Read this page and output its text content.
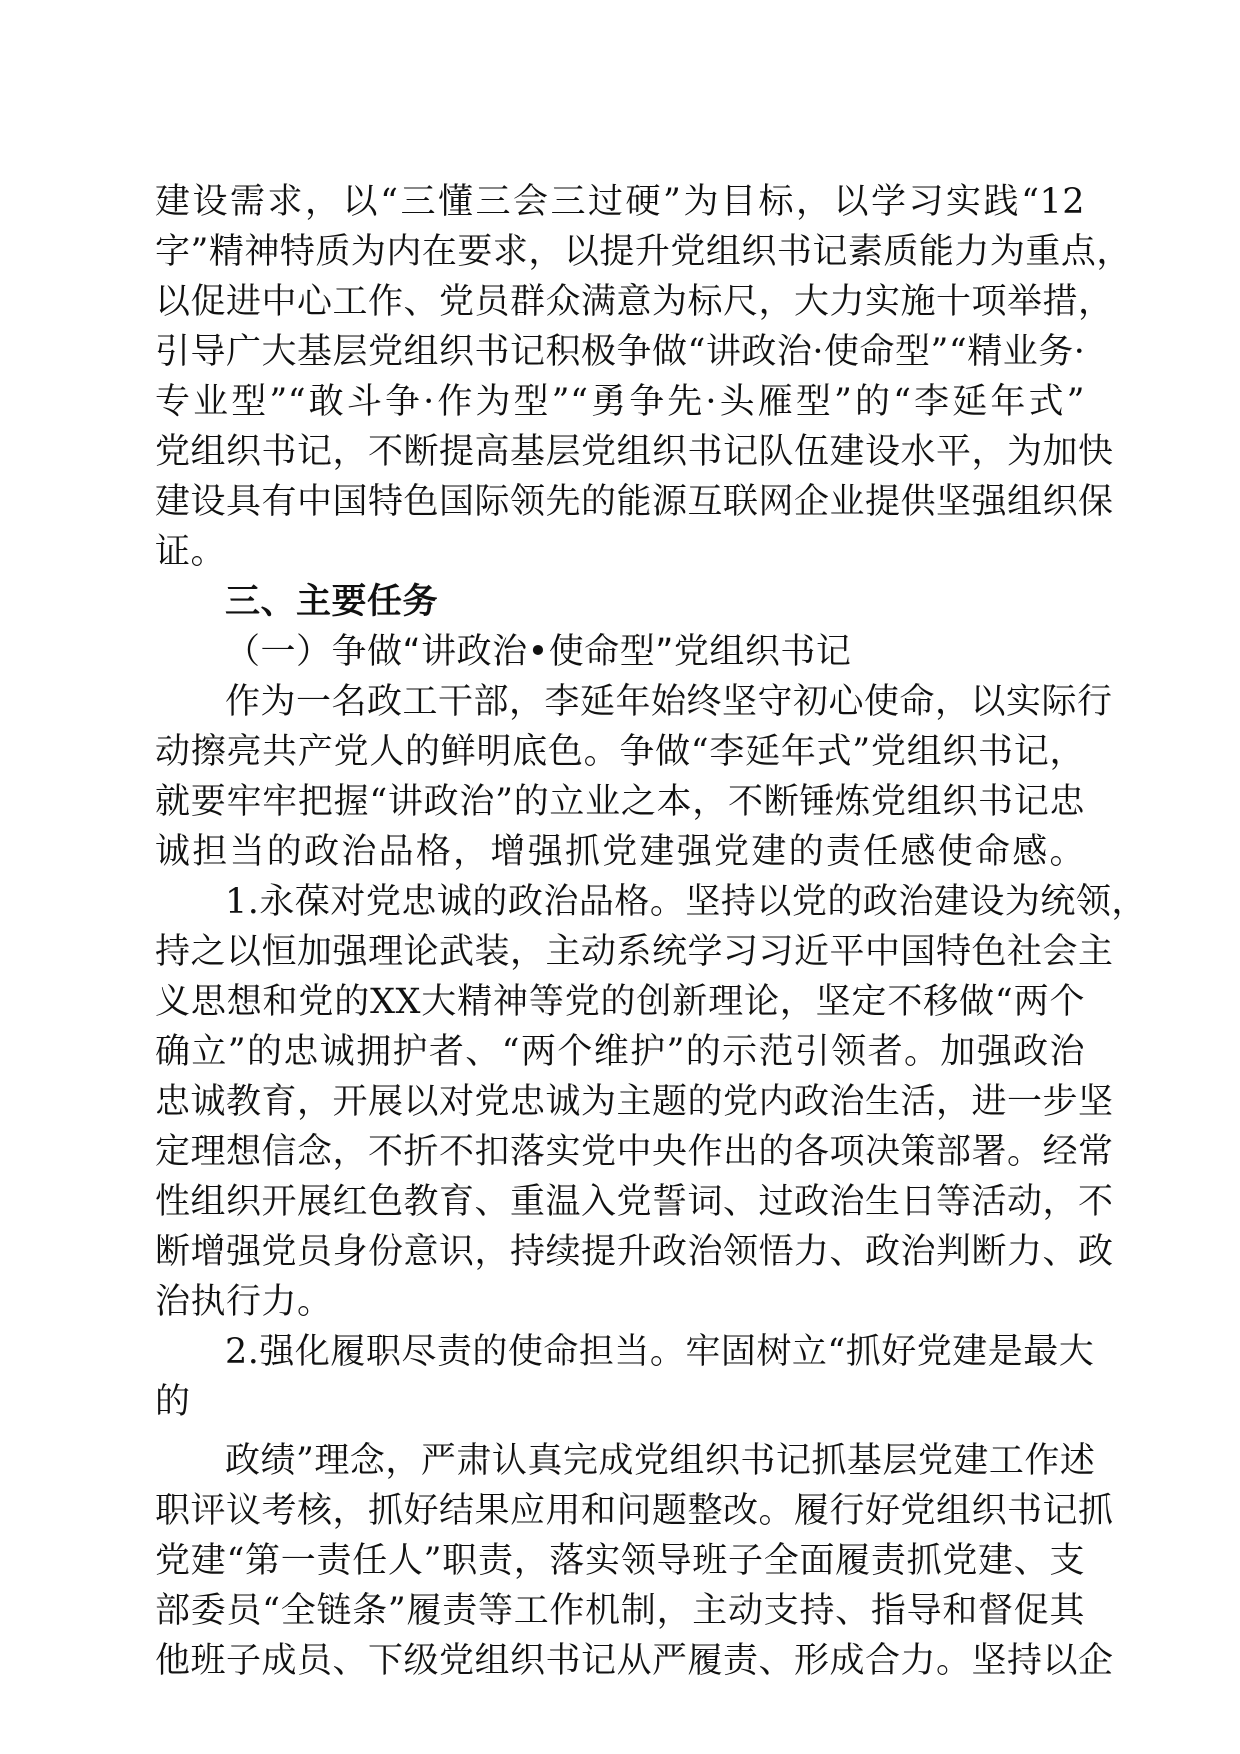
建设需求，以“三懂三会三过硬”为目标，以学习实践“12
字”精神特质为内在要求，以提升党组织书记素质能力为重点，
以促进中心工作、党员群众满意为标尺，大力实施十项举措，
引导广大基层党组织书记积极争做“讲政治·使命型”“精业务·
专业型”“敢斗争·作为型”“勇争先·头雁型”的“李延年式”
党组织书记，不断提高基层党组织书记队伍建设水平，为加快
建设具有中国特色国际领先的能源互联网企业提供坚强组织保
证。
三、主要任务
（一）争做“讲政治•使命型”党组织书记
作为一名政工干部，李延年始终坚守初心使命，以实际行
动擦亮共产党人的鲜明底色。争做“李延年式”党组织书记，
就要牢牢把握“讲政治”的立业之本，不断锤炼党组织书记忠
诚担当的政治品格，增强抓党建强党建的责任感使命感。
1.永葆对党忠诚的政治品格。坚持以党的政治建设为统领，
持之以恒加强理论武装，主动系统学习习近平中国特色社会主
义思想和党的XX大精神等党的创新理论，坚定不移做“两个
确立”的忠诚拥护者、“两个维护”的示范引领者。加强政治
忠诚教育，开展以对党忠诚为主题的党内政治生活，进一步坚
定理想信念，不折不扣落实党中央作出的各项决策部署。经常
性组织开展红色教育、重温入党誓词、过政治生日等活动，不
断增强党员身份意识，持续提升政治领悟力、政治判断力、政
治执行力。
2.强化履职尽责的使命担当。牢固树立“抓好党建是最大
的
政绩”理念，严肃认真完成党组织书记抓基层党建工作述
职评议考核，抓好结果应用和问题整改。履行好党组织书记抓
党建“第一责任人”职责，落实领导班子全面履责抓党建、支
部委员“全链条”履责等工作机制，主动支持、指导和督促其
他班子成员、下级党组织书记从严履责、形成合力。坚持以企
